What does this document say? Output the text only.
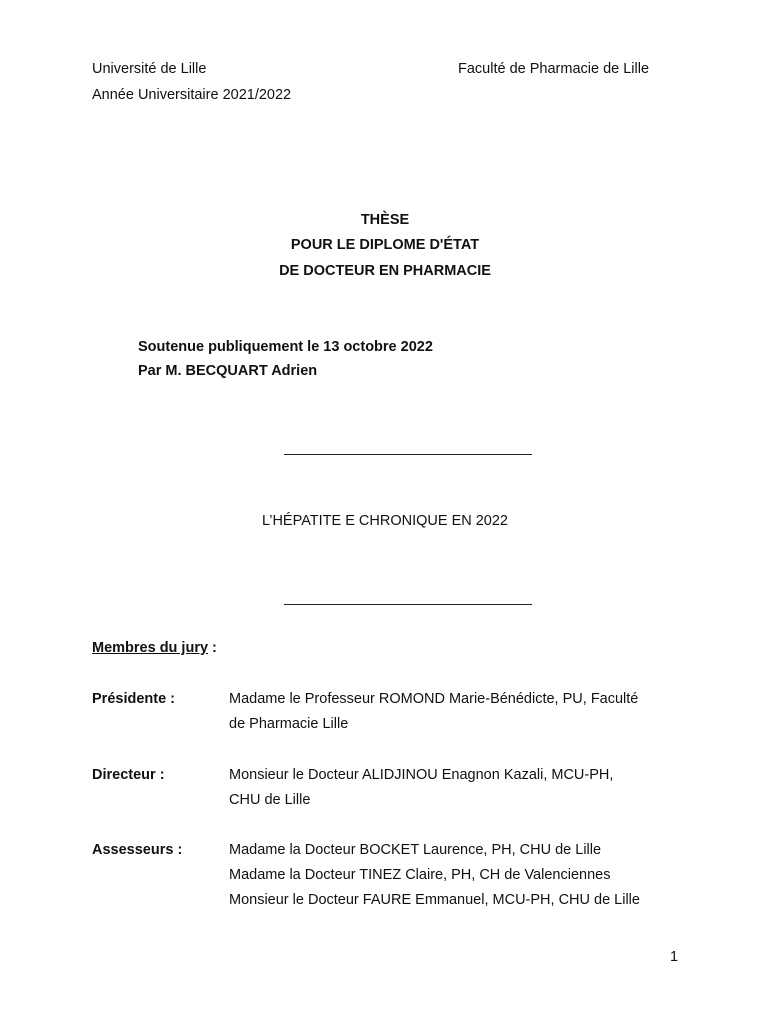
Université de Lille	Faculté de Pharmacie de Lille
Année Universitaire 2021/2022
THÈSE
POUR LE DIPLOME D'ÉTAT
DE DOCTEUR EN PHARMACIE
Soutenue publiquement le 13 octobre 2022
Par M. BECQUART Adrien
L’HÉPATITE E CHRONIQUE EN 2022
Membres du jury :
Présidente :	Madame le Professeur ROMOND Marie-Bénédicte, PU, Faculté
de Pharmacie Lille
Directeur :	Monsieur le Docteur ALIDJINOU Enagnon Kazali, MCU-PH,
CHU de Lille
Assesseurs :	Madame la Docteur BOCKET Laurence, PH, CHU de Lille
Madame la Docteur TINEZ Claire, PH, CH de Valenciennes
Monsieur le Docteur FAURE Emmanuel, MCU-PH, CHU de Lille
1
